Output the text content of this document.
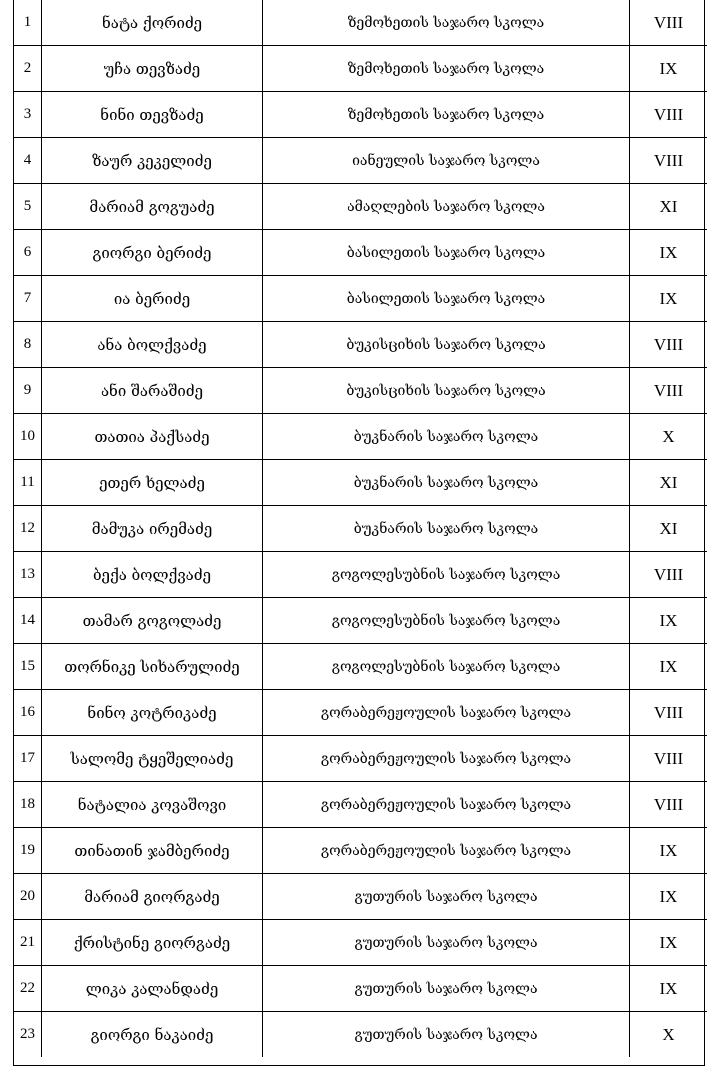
1	ნატა ქორიძე	ზემოხეთის საჯარო სკოლა	VIII
2	უჩა თევზაძე	ზემოხეთის საჯარო სკოლა	IX
3	ნინი თევზაძე	ზემოხეთის საჯარო სკოლა	VIII
4	ზაურ კეკელიძე	იანეულის საჯარო სკოლა	VIII
5	მარიამ გოგუაძე	ამაღლების საჯარო სკოლა	XI
6	გიორგი ბერიძე	ბასილეთის საჯარო სკოლა	IX
7	ია ბერიძე	ბასილეთის საჯარო სკოლა	IX
8	ანა ბოლქვაძე	ბუკისციხის საჯარო სკოლა	VIII
9	ანი შარაშიძე	ბუკისციხის საჯარო სკოლა	VIII
10	თათია პაქსაძე	ბუკნარის საჯარო სკოლა	X
11	ეთერ ხელაძე	ბუკნარის საჯარო სკოლა	XI
12	მამუკა ირემაძე	ბუკნარის საჯარო სკოლა	XI
13	ბექა ბოლქვაძე	გოგოლესუბნის საჯარო სკოლა	VIII
14	თამარ გოგოლაძე	გოგოლესუბნის საჯარო სკოლა	IX
15	თორნიკე სიხარულიძე	გოგოლესუბნის საჯარო სკოლა	IX
16	ნინო კოტრიკაძე	გორაბერეჟოულის საჯარო სკოლა	VIII
17	სალომე ტყეშელიაძე	გორაბერეჟოულის საჯარო სკოლა	VIII
18	ნატალია კოვაშოვი	გორაბერეჟოულის საჯარო სკოლა	VIII
19	თინათინ ჯამბერიძე	გორაბერეჟოულის საჯარო სკოლა	IX
20	მარიამ გიორგაძე	გუთურის საჯარო სკოლა	IX
21	ქრისტინე გიორგაძე	გუთურის საჯარო სკოლა	IX
22	ლიკა კალანდაძე	გუთურის საჯარო სკოლა	IX
23	გიორგი ნაკაიძე	გუთურის საჯარო სკოლა	X
